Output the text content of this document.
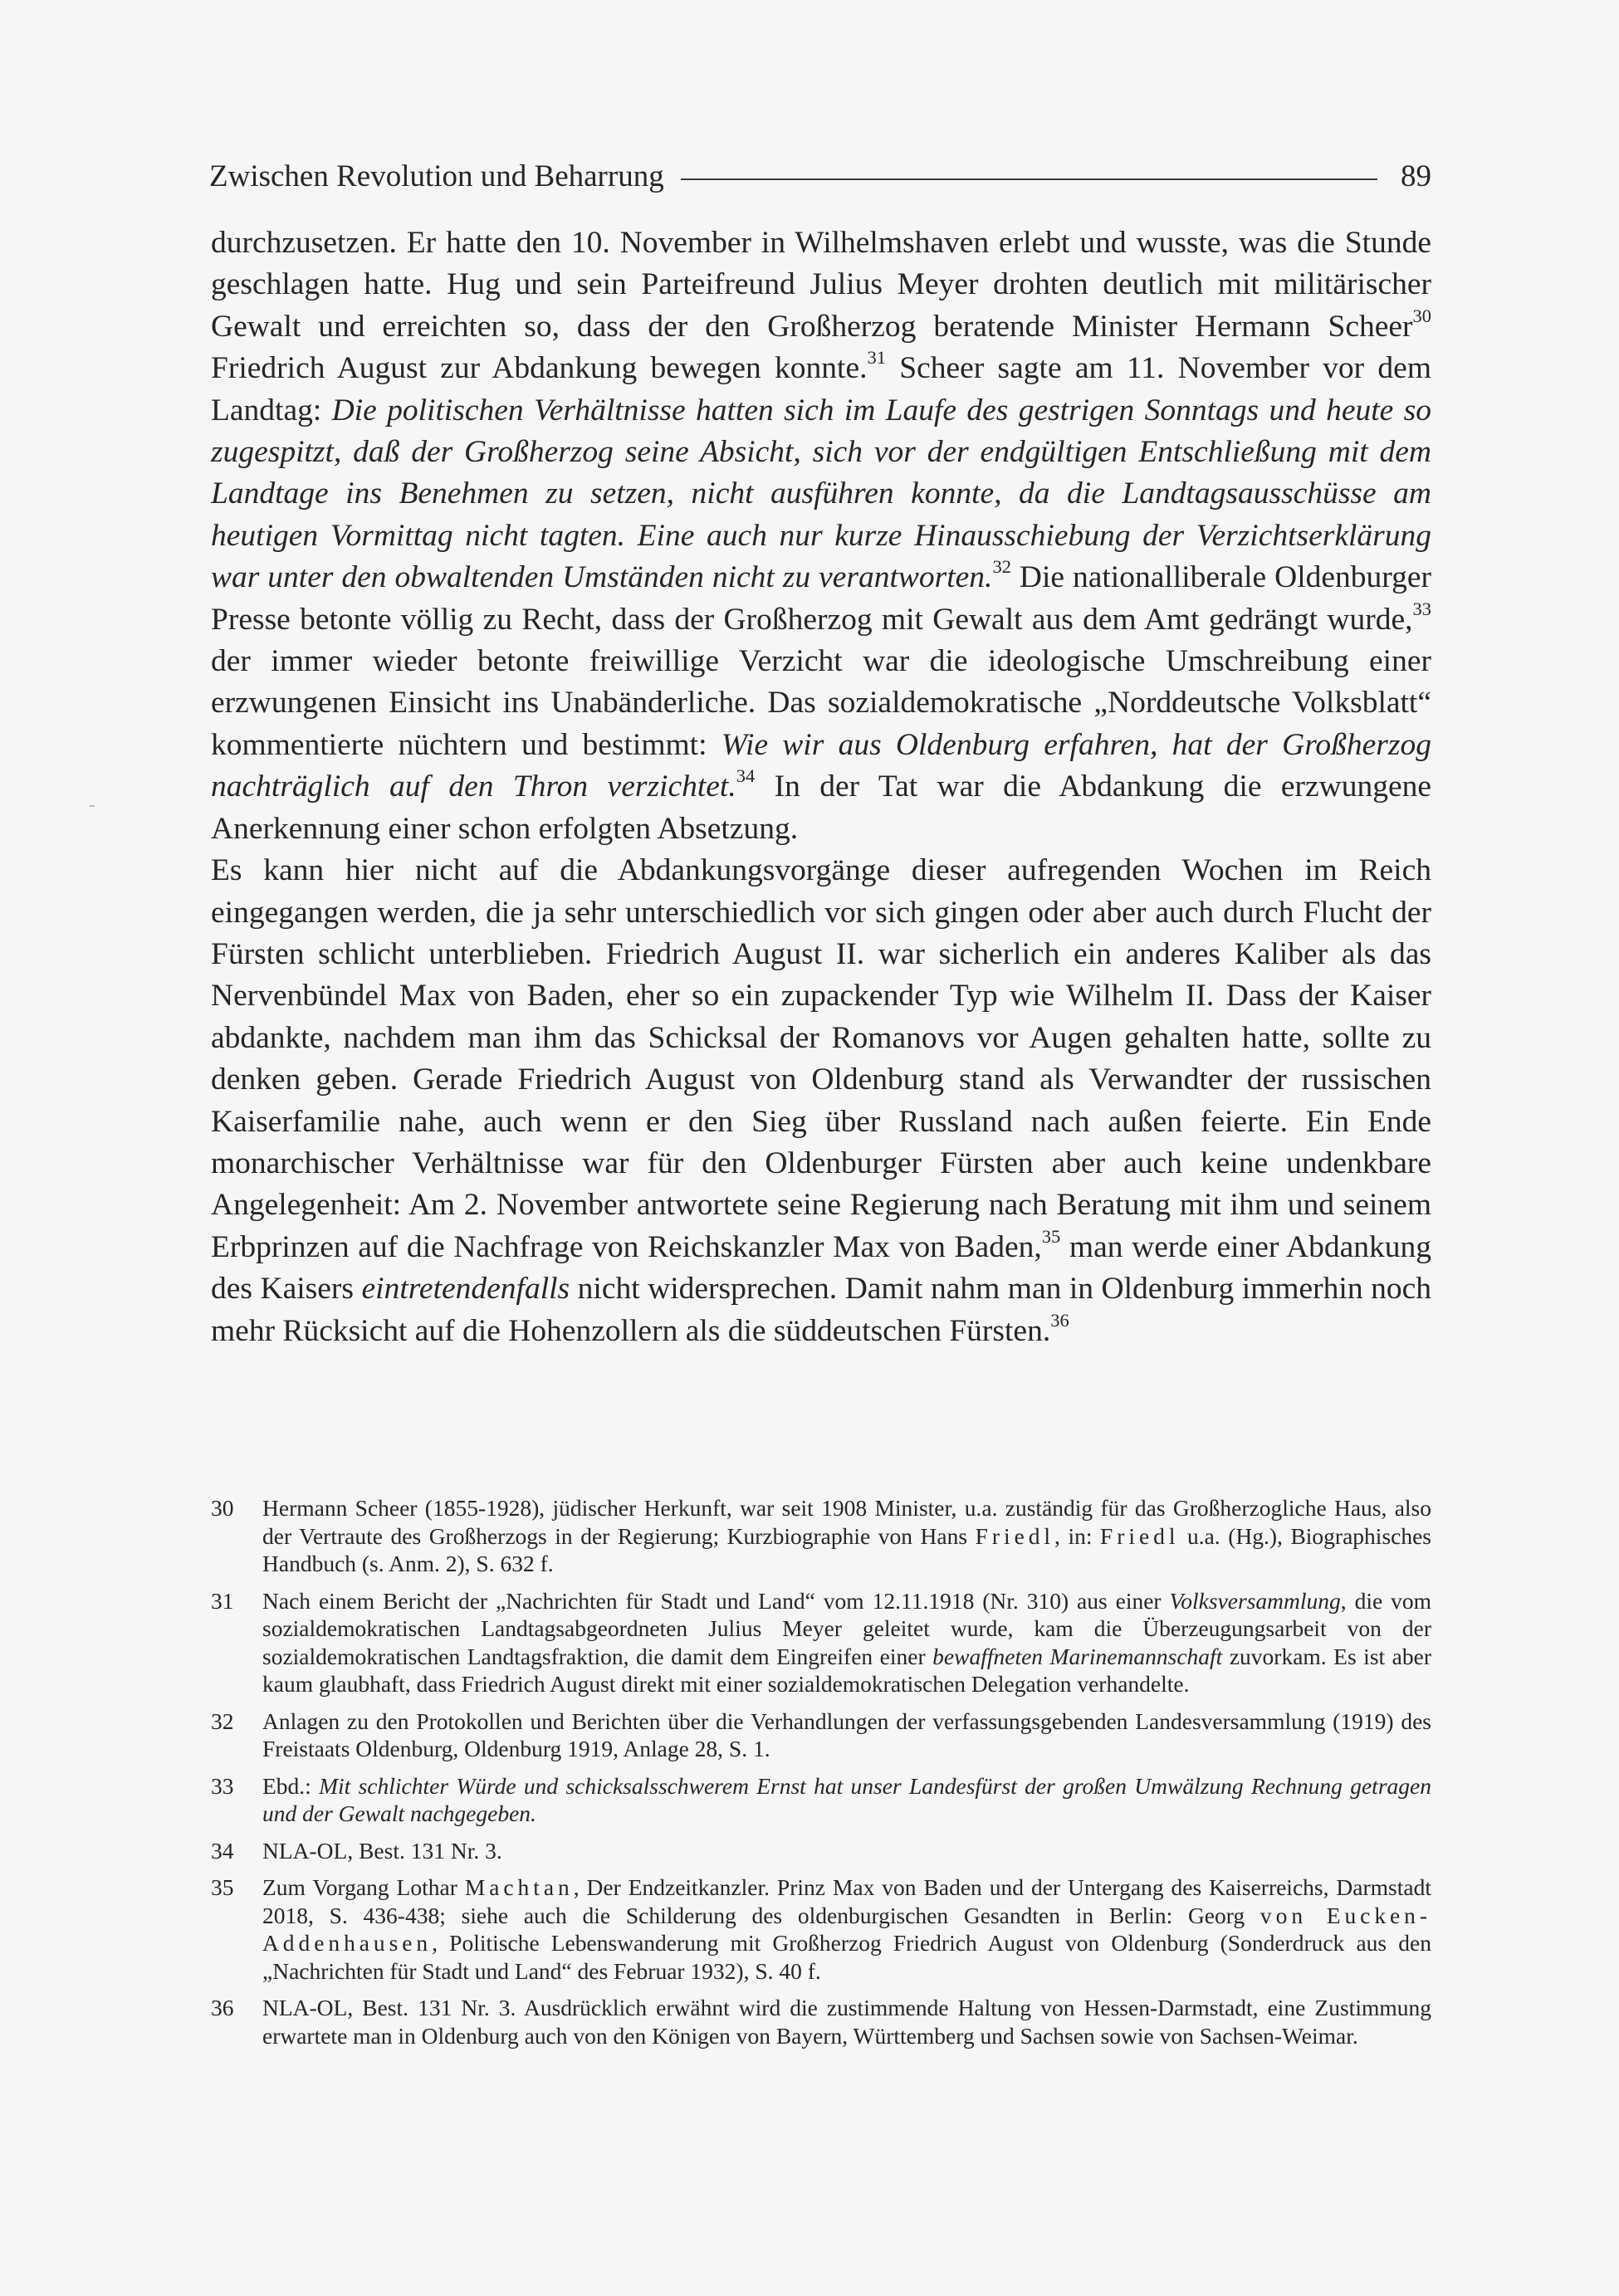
Zwischen Revolution und Beharrung	89

durchzusetzen. Er hatte den 10. November in Wilhelmshaven erlebt und wusste, was die Stunde geschlagen hatte. Hug und sein Parteifreund Julius Meyer drohten deutlich mit militärischer Gewalt und erreichten so, dass der den Großherzog beratende Minister Hermann Scheer$^{30}$ Friedrich August zur Abdankung bewegen konnte.$^{31}$ Scheer sagte am 11. November vor dem Landtag: Die politischen Verhältnisse hatten sich im Laufe des gestrigen Sonntags und heute so zugespitzt, daß der Großherzog seine Absicht, sich vor der endgültigen Entschließung mit dem Landtage ins Benehmen zu setzen, nicht ausführen konnte, da die Landtagsausschüsse am heutigen Vormittag nicht tagten. Eine auch nur kurze Hinausschiebung der Verzichtserklärung war unter den obwaltenden Umständen nicht zu verantworten.$^{32}$ Die nationalliberale Oldenburger Presse betonte völlig zu Recht, dass der Großherzog mit Gewalt aus dem Amt gedrängt wurde,$^{33}$ der immer wieder betonte freiwillige Verzicht war die ideologische Umschreibung einer erzwungenen Einsicht ins Unabänderliche. Das sozialdemokratische „Norddeutsche Volksblatt“ kommentierte nüchtern und bestimmt: Wie wir aus Oldenburg erfahren, hat der Großherzog nachträglich auf den Thron verzichtet.$^{34}$ In der Tat war die Abdankung die erzwungene Anerkennung einer schon erfolgten Absetzung.

Es kann hier nicht auf die Abdankungsvorgänge dieser aufregenden Wochen im Reich eingegangen werden, die ja sehr unterschiedlich vor sich gingen oder aber auch durch Flucht der Fürsten schlicht unterblieben. Friedrich August II. war sicherlich ein anderes Kaliber als das Nervenbündel Max von Baden, eher so ein zupackender Typ wie Wilhelm II. Dass der Kaiser abdankte, nachdem man ihm das Schicksal der Romanovs vor Augen gehalten hatte, sollte zu denken geben. Gerade Friedrich August von Oldenburg stand als Verwandter der russischen Kaiserfamilie nahe, auch wenn er den Sieg über Russland nach außen feierte. Ein Ende monarchischer Verhältnisse war für den Oldenburger Fürsten aber auch keine undenkbare Angelegenheit: Am 2. November antwortete seine Regierung nach Beratung mit ihm und seinem Erbprinzen auf die Nachfrage von Reichskanzler Max von Baden,$^{35}$ man werde einer Abdankung des Kaisers eintretendenfalls nicht widersprechen. Damit nahm man in Oldenburg immerhin noch mehr Rücksicht auf die Hohenzollern als die süddeutschen Fürsten.$^{36}$

30	Hermann Scheer (1855-1928), jüdischer Herkunft, war seit 1908 Minister, u.a. zuständig für das Großherzogliche Haus, also der Vertraute des Großherzogs in der Regierung; Kurzbiographie von Hans Friedl, in: Friedl u.a. (Hg.), Biographisches Handbuch (s. Anm. 2), S. 632 f.
31	Nach einem Bericht der „Nachrichten für Stadt und Land“ vom 12.11.1918 (Nr. 310) aus einer Volksversammlung, die vom sozialdemokratischen Landtagsabgeordneten Julius Meyer geleitet wurde, kam die Überzeugungsarbeit von der sozialdemokratischen Landtagsfraktion, die damit dem Eingreifen einer bewaffneten Marinemannschaft zuvorkam. Es ist aber kaum glaubhaft, dass Friedrich August direkt mit einer sozialdemokratischen Delegation verhandelte.
32	Anlagen zu den Protokollen und Berichten über die Verhandlungen der verfassungsgebenden Landesversammlung (1919) des Freistaats Oldenburg, Oldenburg 1919, Anlage 28, S. 1.
33	Ebd.: Mit schlichter Würde und schicksalsschwerem Ernst hat unser Landesfürst der großen Umwälzung Rechnung getragen und der Gewalt nachgegeben.
34	NLA-OL, Best. 131 Nr. 3.
35	Zum Vorgang Lothar Machtan, Der Endzeitkanzler. Prinz Max von Baden und der Untergang des Kaiserreichs, Darmstadt 2018, S. 436-438; siehe auch die Schilderung des oldenburgischen Gesandten in Berlin: Georg von Eucken-Addenhausen, Politische Lebenswanderung mit Großherzog Friedrich August von Oldenburg (Sonderdruck aus den „Nachrichten für Stadt und Land“ des Februar 1932), S. 40 f.
36	NLA-OL, Best. 131 Nr. 3. Ausdrücklich erwähnt wird die zustimmende Haltung von Hessen-Darmstadt, eine Zustimmung erwartete man in Oldenburg auch von den Königen von Bayern, Württemberg und Sachsen sowie von Sachsen-Weimar.
